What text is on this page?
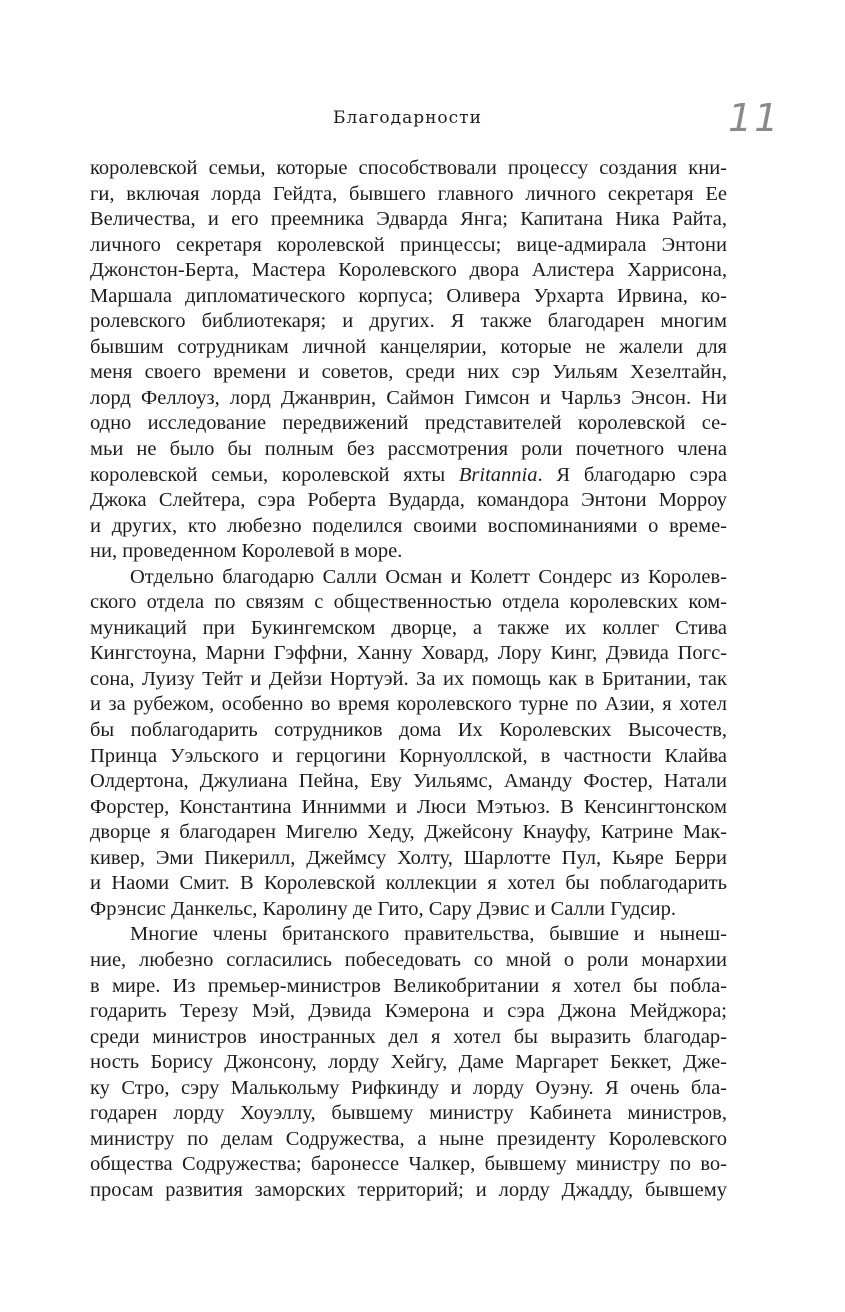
Благодарности	11
королевской семьи, которые способствовали процессу создания кни-
ги, включая лорда Гейдта, бывшего главного личного секретаря Ее
Величества, и его преемника Эдварда Янга; Капитана Ника Райта,
личного секретаря королевской принцессы; вице-адмирала Энтони
Джонстон-Берта, Мастера Королевского двора Алистера Харрисона,
Маршала дипломатического корпуса; Оливера Урхарта Ирвина, ко-
ролевского библиотекаря; и других. Я также благодарен многим
бывшим сотрудникам личной канцелярии, которые не жалели для
меня своего времени и советов, среди них сэр Уильям Хезелтайн,
лорд Феллоуз, лорд Джанврин, Саймон Гимсон и Чарльз Энсон. Ни
одно исследование передвижений представителей королевской се-
мьи не было бы полным без рассмотрения роли почетного члена
королевской семьи, королевской яхты Britannia. Я благодарю сэра
Джока Слейтера, сэра Роберта Вударда, командора Энтони Морроу
и других, кто любезно поделился своими воспоминаниями о време-
ни, проведенном Королевой в море.
Отдельно благодарю Салли Осман и Колетт Сондерс из Королев-
ского отдела по связям с общественностью отдела королевских ком-
муникаций при Букингемском дворце, а также их коллег Стива
Кингстоуна, Марни Гэффни, Ханну Ховард, Лору Кинг, Дэвида Погс-
сона, Луизу Тейт и Дейзи Нортуэй. За их помощь как в Британии, так
и за рубежом, особенно во время королевского турне по Азии, я хотел
бы поблагодарить сотрудников дома Их Королевских Высочеств,
Принца Уэльского и герцогини Корнуоллской, в частности Клайва
Олдертона, Джулиана Пейна, Еву Уильямс, Аманду Фостер, Натали
Форстер, Константина Иннимми и Люси Мэтьюз. В Кенсингтонском
дворце я благодарен Мигелю Хеду, Джейсону Кнауфу, Катрине Мак-
кивер, Эми Пикерилл, Джеймсу Холту, Шарлотте Пул, Кьяре Берри
и Наоми Смит. В Королевской коллекции я хотел бы поблагодарить
Фрэнсис Данкельс, Каролину де Гито, Сару Дэвис и Салли Гудсир.
Многие члены британского правительства, бывшие и нынеш-
ние, любезно согласились побеседовать со мной о роли монархии
в мире. Из премьер-министров Великобритании я хотел бы побла-
годарить Терезу Мэй, Дэвида Кэмерона и сэра Джона Мейджора;
среди министров иностранных дел я хотел бы выразить благодар-
ность Борису Джонсону, лорду Хейгу, Даме Маргарет Беккет, Дже-
ку Стро, сэру Малькольму Рифкинду и лорду Оуэну. Я очень бла-
годарен лорду Хоуэллу, бывшему министру Кабинета министров,
министру по делам Содружества, а ныне президенту Королевского
общества Содружества; баронессе Чалкер, бывшему министру по во-
просам развития заморских территорий; и лорду Джадду, бывшему
